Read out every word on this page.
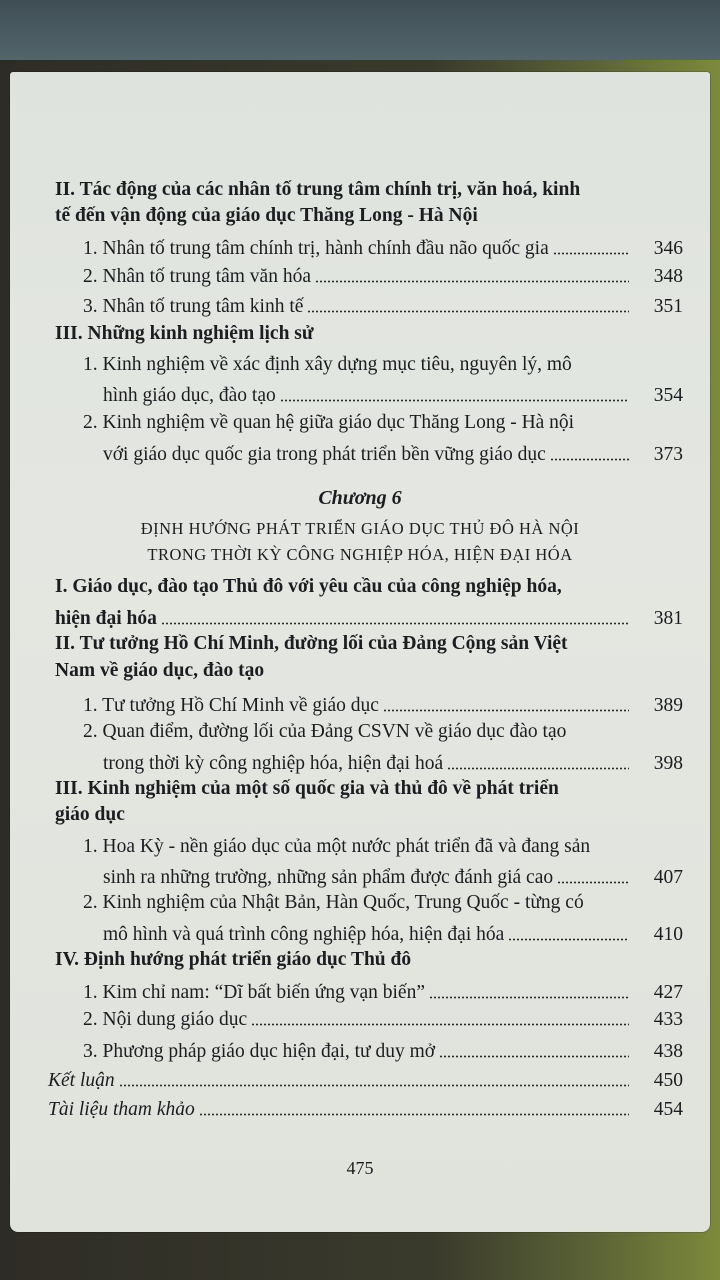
II. Tác động của các nhân tố trung tâm chính trị, văn hoá, kinh
tế đến vận động của giáo dục Thăng Long - Hà Nội
1. Nhân tố trung tâm chính trị, hành chính đầu não quốc gia	346
2. Nhân tố trung tâm văn hóa	348
3. Nhân tố trung tâm kinh tế	351
III. Những kinh nghiệm lịch sử
1. Kinh nghiệm về xác định xây dựng mục tiêu, nguyên lý, mô
hình giáo dục, đào tạo	354
2. Kinh nghiệm về quan hệ giữa giáo dục Thăng Long - Hà nội
với giáo dục quốc gia trong phát triển bền vững giáo dục	373
Chương 6
ĐỊNH HƯỚNG PHÁT TRIỂN GIÁO DỤC THỦ ĐÔ HÀ NỘI
TRONG THỜI KỲ CÔNG NGHIỆP HÓA, HIỆN ĐẠI HÓA
I. Giáo dục, đào tạo Thủ đô với yêu cầu của công nghiệp hóa,
hiện đại hóa	381
II. Tư tưởng Hồ Chí Minh, đường lối của Đảng Cộng sản Việt
Nam về giáo dục, đào tạo
1. Tư tưởng Hồ Chí Minh về giáo dục	389
2. Quan điểm, đường lối của Đảng CSVN về giáo dục đào tạo
trong thời kỳ công nghiệp hóa, hiện đại hoá	398
III. Kinh nghiệm của một số quốc gia và thủ đô về phát triển
giáo dục
1. Hoa Kỳ - nền giáo dục của một nước phát triển đã và đang sản
sinh ra những trường, những sản phẩm được đánh giá cao	407
2. Kinh nghiệm của Nhật Bản, Hàn Quốc, Trung Quốc - từng có
mô hình và quá trình công nghiệp hóa, hiện đại hóa	410
IV. Định hướng phát triển giáo dục Thủ đô
1. Kim chỉ nam: “Dĩ bất biến ứng vạn biến”	427
2. Nội dung giáo dục	433
3. Phương pháp giáo dục hiện đại, tư duy mở	438
Kết luận	450
Tài liệu tham khảo	454
475
